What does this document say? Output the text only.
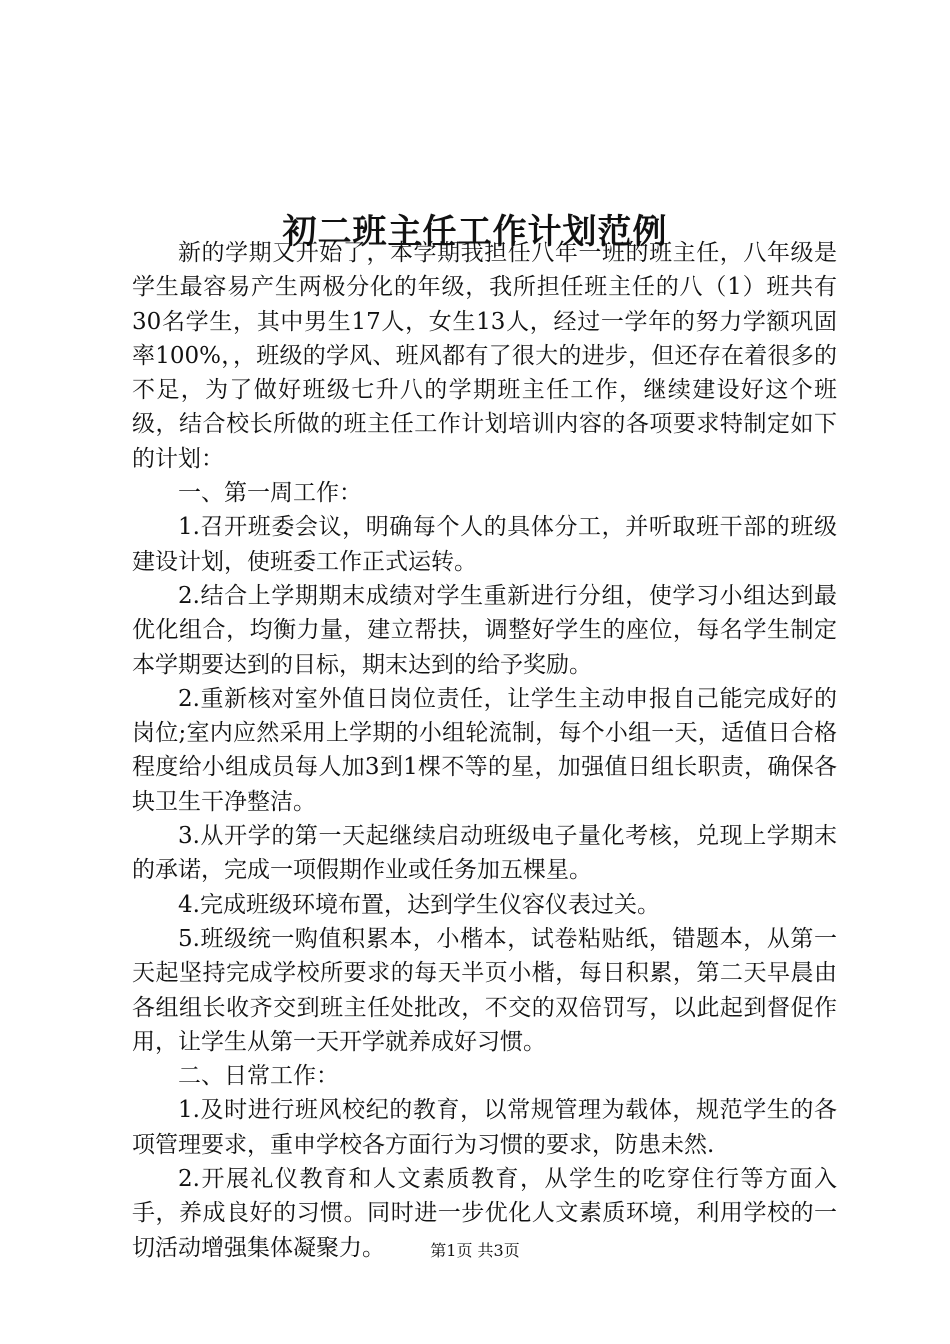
初二班主任工作计划范例

新的学期又开始了，本学期我担任八年一班的班主任，八年级是学生最容易产生两极分化的年级，我所担任班主任的八（1）班共有30名学生，其中男生17人，女生13人，经过一学年的努力学额巩固率100%，，班级的学风、班风都有了很大的进步，但还存在着很多的不足，为了做好班级七升八的学期班主任工作，继续建设好这个班级，结合校长所做的班主任工作计划培训内容的各项要求特制定如下的计划：

一、第一周工作：

1.召开班委会议，明确每个人的具体分工，并听取班干部的班级建设计划，使班委工作正式运转。

2.结合上学期期末成绩对学生重新进行分组，使学习小组达到最优化组合，均衡力量，建立帮扶，调整好学生的座位，每名学生制定本学期要达到的目标，期末达到的给予奖励。

2.重新核对室外值日岗位责任，让学生主动申报自己能完成好的岗位;室内应然采用上学期的小组轮流制，每个小组一天，适值日合格程度给小组成员每人加3到1棵不等的星，加强值日组长职责，确保各块卫生干净整洁。

3.从开学的第一天起继续启动班级电子量化考核，兑现上学期末的承诺，完成一项假期作业或任务加五棵星。

4.完成班级环境布置，达到学生仪容仪表过关。

5.班级统一购值积累本，小楷本，试卷粘贴纸，错题本，从第一天起坚持完成学校所要求的每天半页小楷，每日积累，第二天早晨由各组组长收齐交到班主任处批改，不交的双倍罚写，以此起到督促作用，让学生从第一天开学就养成好习惯。

二、日常工作：

1.及时进行班风校纪的教育，以常规管理为载体，规范学生的各项管理要求，重申学校各方面行为习惯的要求，防患未然.

2.开展礼仪教育和人文素质教育，从学生的吃穿住行等方面入手，养成良好的习惯。同时进一步优化人文素质环境，利用学校的一切活动增强集体凝聚力。	第1页 共3页
